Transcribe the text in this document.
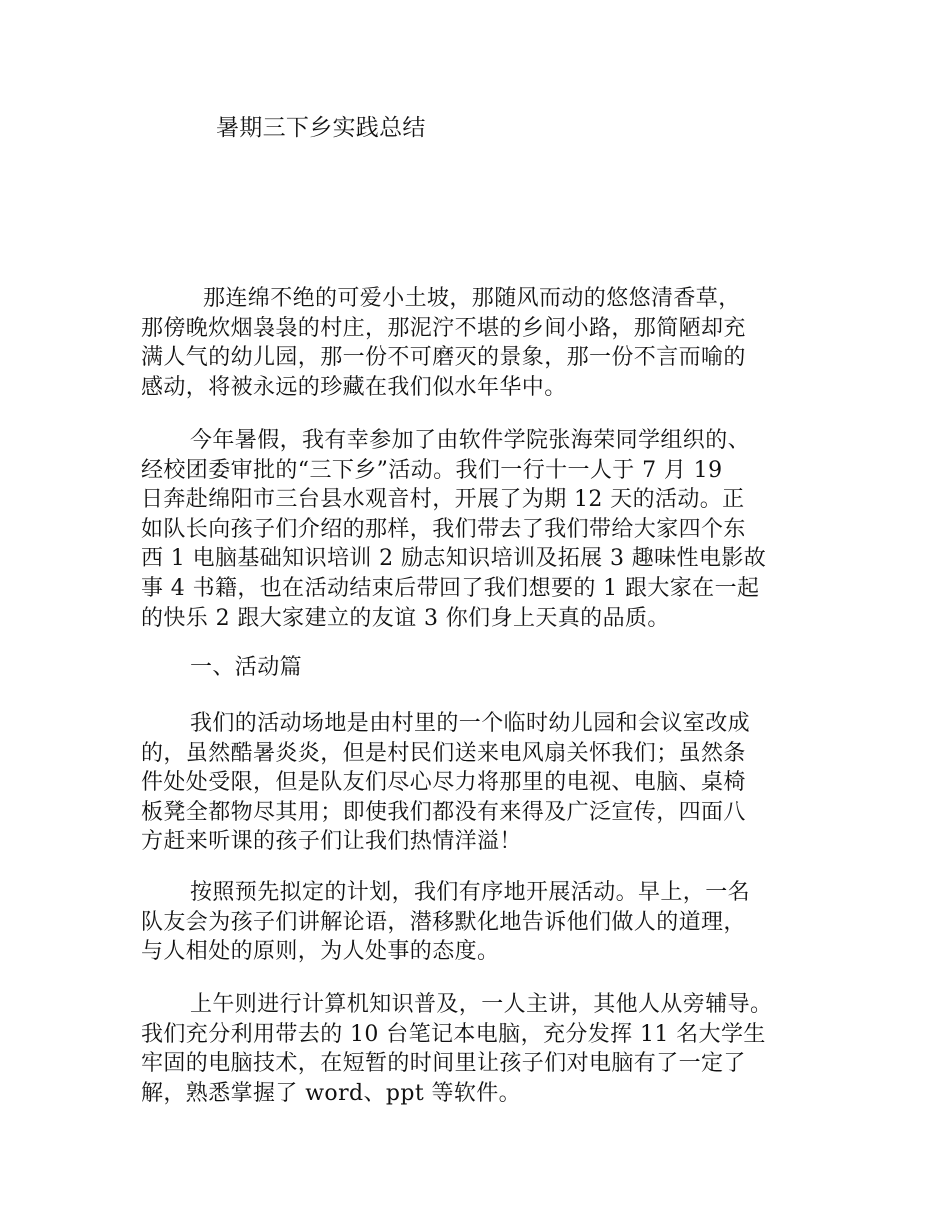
暑期三下乡实践总结

那连绵不绝的可爱小土坡，那随风而动的悠悠清香草，
那傍晚炊烟袅袅的村庄，那泥泞不堪的乡间小路，那简陋却充
满人气的幼儿园，那一份不可磨灭的景象，那一份不言而喻的
感动，将被永远的珍藏在我们似水年华中。

今年暑假，我有幸参加了由软件学院张海荣同学组织的、
经校团委审批的“三下乡”活动。我们一行十一人于 7 月 19
日奔赴绵阳市三台县水观音村，开展了为期 12 天的活动。正
如队长向孩子们介绍的那样，我们带去了我们带给大家四个东
西 1 电脑基础知识培训 2 励志知识培训及拓展 3 趣味性电影故
事 4 书籍，也在活动结束后带回了我们想要的 1 跟大家在一起
的快乐 2 跟大家建立的友谊 3 你们身上天真的品质。

一、活动篇

我们的活动场地是由村里的一个临时幼儿园和会议室改成
的，虽然酷暑炎炎，但是村民们送来电风扇关怀我们；虽然条
件处处受限，但是队友们尽心尽力将那里的电视、电脑、桌椅
板凳全都物尽其用；即使我们都没有来得及广泛宣传，四面八
方赶来听课的孩子们让我们热情洋溢！

按照预先拟定的计划，我们有序地开展活动。早上，一名
队友会为孩子们讲解论语，潜移默化地告诉他们做人的道理，
与人相处的原则，为人处事的态度。

上午则进行计算机知识普及，一人主讲，其他人从旁辅导。
我们充分利用带去的 10 台笔记本电脑，充分发挥 11 名大学生
牢固的电脑技术，在短暂的时间里让孩子们对电脑有了一定了
解，熟悉掌握了 word、ppt 等软件。
